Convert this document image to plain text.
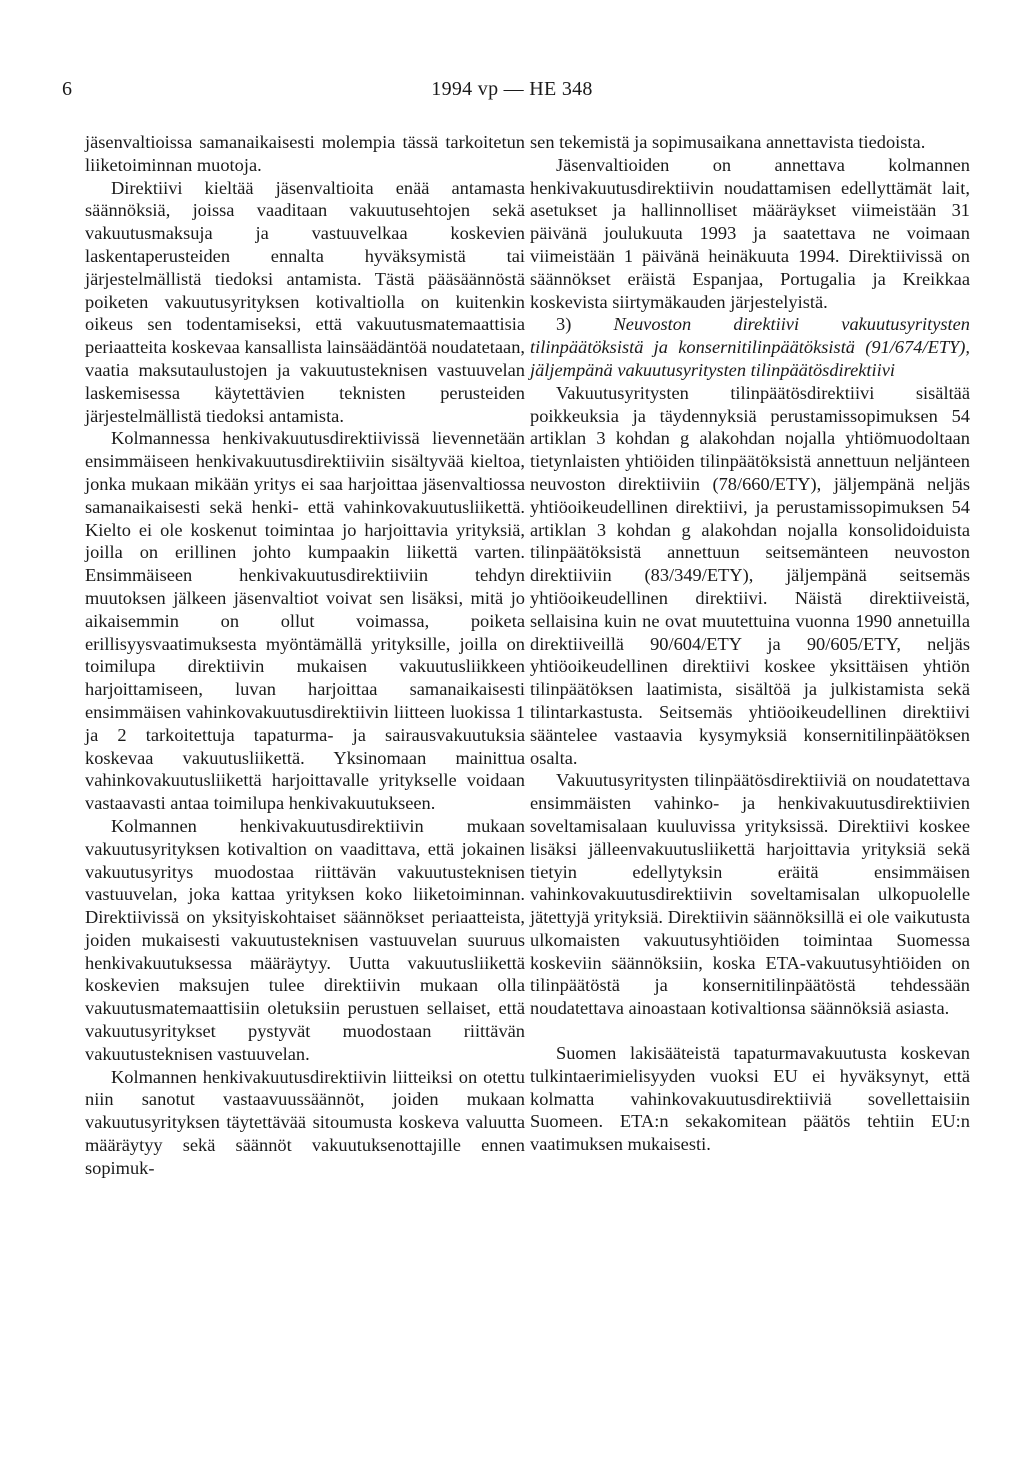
6	1994 vp — HE 348

jäsenvaltioissa samanaikaisesti molempia tässä tarkoitetun liiketoiminnan muotoja.

Direktiivi kieltää jäsenvaltioita enää antamasta säännöksiä, joissa vaaditaan vakuutusehtojen sekä vakuutusmaksuja ja vastuuvelkaa koskevien laskentaperusteiden ennalta hyväksymistä tai järjestelmällistä tiedoksi antamista. Tästä pääsäännöstä poiketen vakuutusyrityksen kotivaltiolla on kuitenkin oikeus sen todentamiseksi, että vakuutusmatemaattisia periaatteita koskevaa kansallista lainsäädäntöä noudatetaan, vaatia maksutaulustojen ja vakuutusteknisen vastuuvelan laskemisessa käytettävien teknisten perusteiden järjestelmällistä tiedoksi antamista.

Kolmannessa henkivakuutusdirektiivissä lievennetään ensimmäiseen henkivakuutusdirektiiviin sisältyvää kieltoa, jonka mukaan mikään yritys ei saa harjoittaa jäsenvaltiossa samanaikaisesti sekä henki- että vahinkovakuutusliikettä. Kielto ei ole koskenut toimintaa jo harjoittavia yrityksiä, joilla on erillinen johto kumpaakin liikettä varten. Ensimmäiseen henkivakuutusdirektiiviin tehdyn muutoksen jälkeen jäsenvaltiot voivat sen lisäksi, mitä jo aikaisemmin on ollut voimassa, poiketa erillisyysvaatimuksesta myöntämällä yrityksille, joilla on toimilupa direktiivin mukaisen vakuutusliikkeen harjoittamiseen, luvan harjoittaa samanaikaisesti ensimmäisen vahinkovakuutusdirektiivin liitteen luokissa 1 ja 2 tarkoitettuja tapaturma- ja sairausvakuutuksia koskevaa vakuutusliikettä. Yksinomaan mainittua vahinkovakuutusliikettä harjoittavalle yritykselle voidaan vastaavasti antaa toimilupa henkivakuutukseen.

Kolmannen henkivakuutusdirektiivin mukaan vakuutusyrityksen kotivaltion on vaadittava, että jokainen vakuutusyritys muodostaa riittävän vakuutusteknisen vastuuvelan, joka kattaa yrityksen koko liiketoiminnan. Direktiivissä on yksityiskohtaiset säännökset periaatteista, joiden mukaisesti vakuutusteknisen vastuuvelan suuruus henkivakuutuksessa määräytyy. Uutta vakuutusliikettä koskevien maksujen tulee direktiivin mukaan olla vakuutusmatemaattisiin oletuksiin perustuen sellaiset, että vakuutusyritykset pystyvät muodostaan riittävän vakuutusteknisen vastuuvelan.

Kolmannen henkivakuutusdirektiivin liitteiksi on otettu niin sanotut vastaavuussäännöt, joiden mukaan vakuutusyrityksen täytettävää sitoumusta koskeva valuutta määräytyy sekä säännöt vakuutuksenottajille ennen sopimuk-

sen tekemistä ja sopimusaikana annettavista tiedoista.

Jäsenvaltioiden on annettava kolmannen henkivakuutusdirektiivin noudattamisen edellyttämät lait, asetukset ja hallinnolliset määräykset viimeistään 31 päivänä joulukuuta 1993 ja saatettava ne voimaan viimeistään 1 päivänä heinäkuuta 1994. Direktiivissä on säännökset eräistä Espanjaa, Portugalia ja Kreikkaa koskevista siirtymäkauden järjestelyistä.

3) Neuvoston direktiivi vakuutusyritysten tilinpäätöksistä ja konsernitilinpäätöksistä (91/674/ETY), jäljempänä vakuutusyritysten tilinpäätösdirektiivi

Vakuutusyritysten tilinpäätösdirektiivi sisältää poikkeuksia ja täydennyksiä perustamissopimuksen 54 artiklan 3 kohdan g alakohdan nojalla yhtiömuodoltaan tietynlaisten yhtiöiden tilinpäätöksistä annettuun neljänteen neuvoston direktiiviin (78/660/ETY), jäljempänä neljäs yhtiöoikeudellinen direktiivi, ja perustamissopimuksen 54 artiklan 3 kohdan g alakohdan nojalla konsolidoiduista tilinpäätöksistä annettuun seitsemänteen neuvoston direktiiviin (83/349/ETY), jäljempänä seitsemäs yhtiöoikeudellinen direktiivi. Näistä direktiiveistä, sellaisina kuin ne ovat muutettuina vuonna 1990 annetuilla direktiiveillä 90/604/ETY ja 90/605/ETY, neljäs yhtiöoikeudellinen direktiivi koskee yksittäisen yhtiön tilinpäätöksen laatimista, sisältöä ja julkistamista sekä tilintarkastusta. Seitsemäs yhtiöoikeudellinen direktiivi sääntelee vastaavia kysymyksiä konsernitilinpäätöksen osalta.

Vakuutusyritysten tilinpäätösdirektiiviä on noudatettava ensimmäisten vahinko- ja henkivakuutusdirektiivien soveltamisalaan kuuluvissa yrityksissä. Direktiivi koskee lisäksi jälleenvakuutusliikettä harjoittavia yrityksiä sekä tietyin edellytyksin eräitä ensimmäisen vahinkovakuutusdirektiivin soveltamisalan ulkopuolelle jätettyjä yrityksiä. Direktiivin säännöksillä ei ole vaikutusta ulkomaisten vakuutusyhtiöiden toimintaa Suomessa koskeviin säännöksiin, koska ETA-vakuutusyhtiöiden on tilinpäätöstä ja konsernitilinpäätöstä tehdessään noudatettava ainoastaan kotivaltionsa säännöksiä asiasta.

Suomen lakisääteistä tapaturmavakuutusta koskevan tulkintaerimielisyyden vuoksi EU ei hyväksynyt, että kolmatta vahinkovakuutusdirektiiviä sovellettaisiin Suomeen. ETA:n sekakomitean päätös tehtiin EU:n vaatimuksen mukaisesti.
